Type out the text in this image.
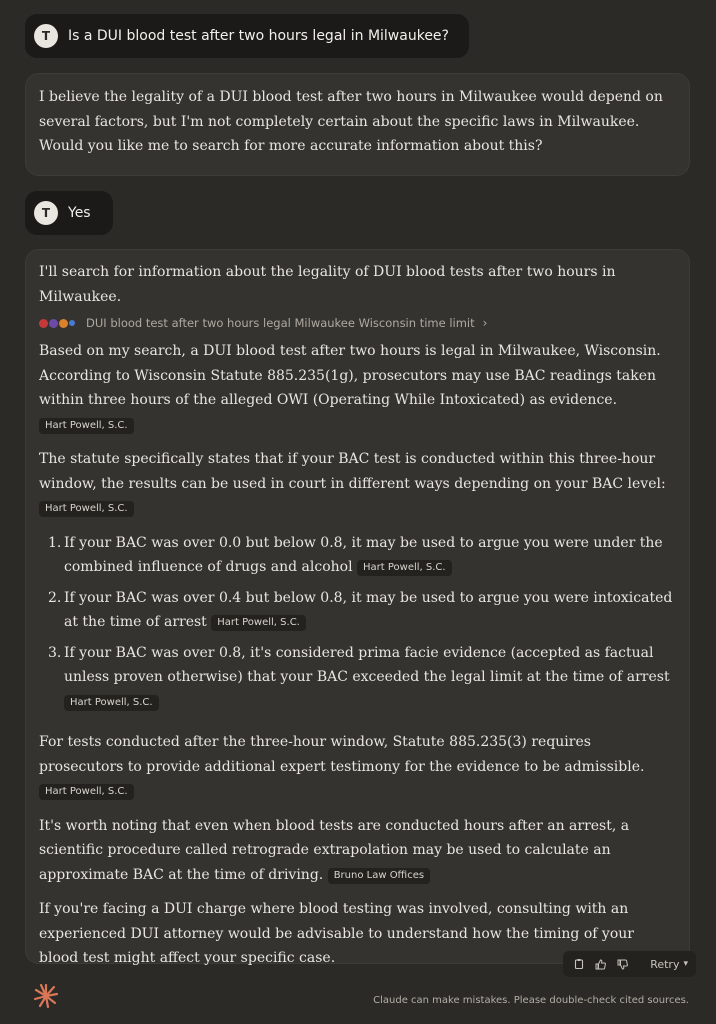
T	Is a DUI blood test after two hours legal in Milwaukee?

I believe the legality of a DUI blood test after two hours in Milwaukee would depend on several factors, but I'm not completely certain about the specific laws in Milwaukee. Would you like me to search for more accurate information about this?

T	Yes

I'll search for information about the legality of DUI blood tests after two hours in Milwaukee.

DUI blood test after two hours legal Milwaukee Wisconsin time limit ›

Based on my search, a DUI blood test after two hours is legal in Milwaukee, Wisconsin. According to Wisconsin Statute 885.235(1g), prosecutors may use BAC readings taken within three hours of the alleged OWI (Operating While Intoxicated) as evidence. Hart Powell, S.C.

The statute specifically states that if your BAC test is conducted within this three-hour window, the results can be used in court in different ways depending on your BAC level: Hart Powell, S.C.

1. If your BAC was over 0.0 but below 0.8, it may be used to argue you were under the combined influence of drugs and alcohol Hart Powell, S.C.
2. If your BAC was over 0.4 but below 0.8, it may be used to argue you were intoxicated at the time of arrest Hart Powell, S.C.
3. If your BAC was over 0.8, it's considered prima facie evidence (accepted as factual unless proven otherwise) that your BAC exceeded the legal limit at the time of arrest Hart Powell, S.C.

For tests conducted after the three-hour window, Statute 885.235(3) requires prosecutors to provide additional expert testimony for the evidence to be admissible. Hart Powell, S.C.

It's worth noting that even when blood tests are conducted hours after an arrest, a scientific procedure called retrograde extrapolation may be used to calculate an approximate BAC at the time of driving. Bruno Law Offices

If you're facing a DUI charge where blood testing was involved, consulting with an experienced DUI attorney would be advisable to understand how the timing of your blood test might affect your specific case.	Retry ▾
Claude can make mistakes. Please double-check cited sources.
